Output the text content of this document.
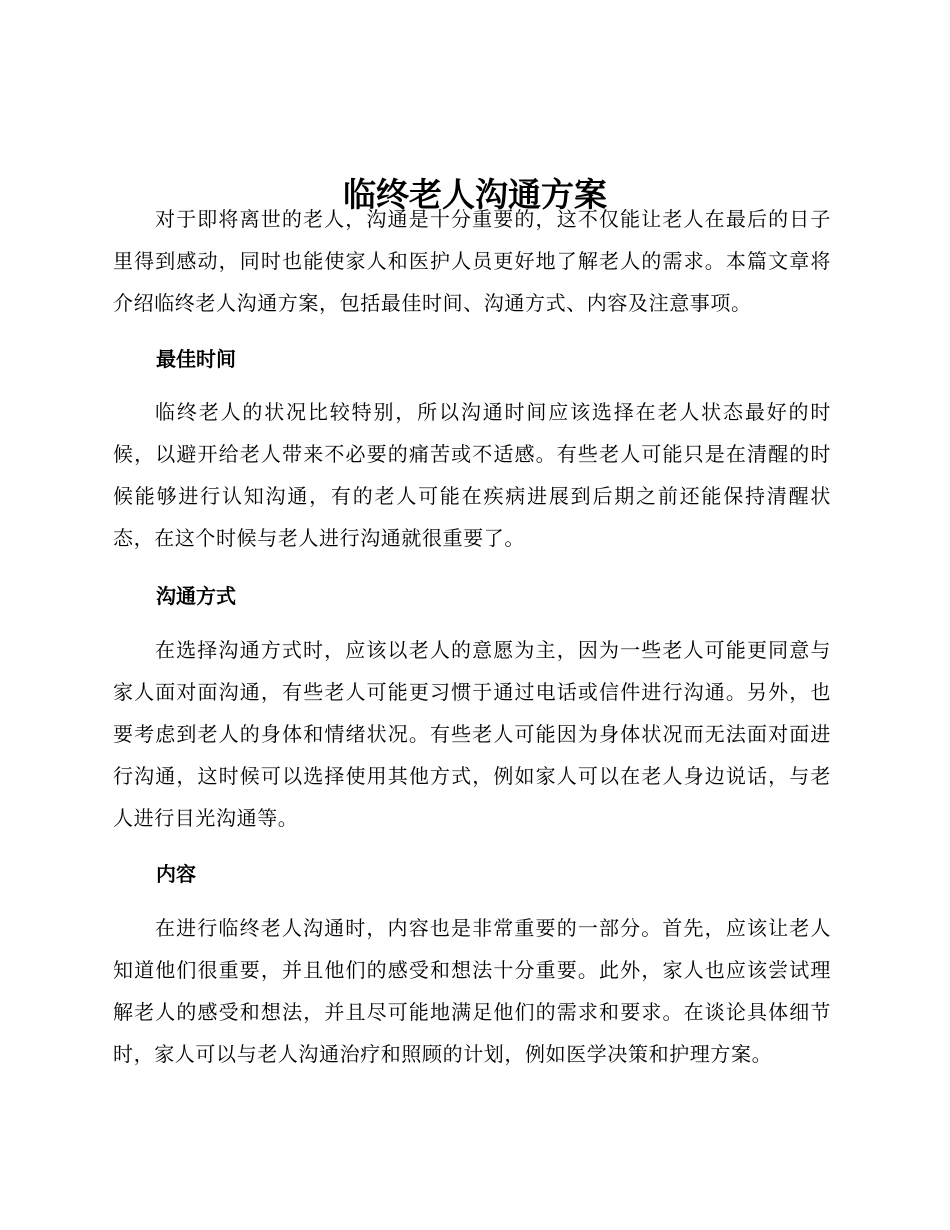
临终老人沟通方案

对于即将离世的老人，沟通是十分重要的，这不仅能让老人在最后的日子里得到感动，同时也能使家人和医护人员更好地了解老人的需求。本篇文章将介绍临终老人沟通方案，包括最佳时间、沟通方式、内容及注意事项。

最佳时间

临终老人的状况比较特别，所以沟通时间应该选择在老人状态最好的时候，以避开给老人带来不必要的痛苦或不适感。有些老人可能只是在清醒的时候能够进行认知沟通，有的老人可能在疾病进展到后期之前还能保持清醒状态，在这个时候与老人进行沟通就很重要了。

沟通方式

在选择沟通方式时，应该以老人的意愿为主，因为一些老人可能更同意与家人面对面沟通，有些老人可能更习惯于通过电话或信件进行沟通。另外，也要考虑到老人的身体和情绪状况。有些老人可能因为身体状况而无法面对面进行沟通，这时候可以选择使用其他方式，例如家人可以在老人身边说话，与老人进行目光沟通等。

内容

在进行临终老人沟通时，内容也是非常重要的一部分。首先，应该让老人知道他们很重要，并且他们的感受和想法十分重要。此外，家人也应该尝试理解老人的感受和想法，并且尽可能地满足他们的需求和要求。在谈论具体细节时，家人可以与老人沟通治疗和照顾的计划，例如医学决策和护理方案。
